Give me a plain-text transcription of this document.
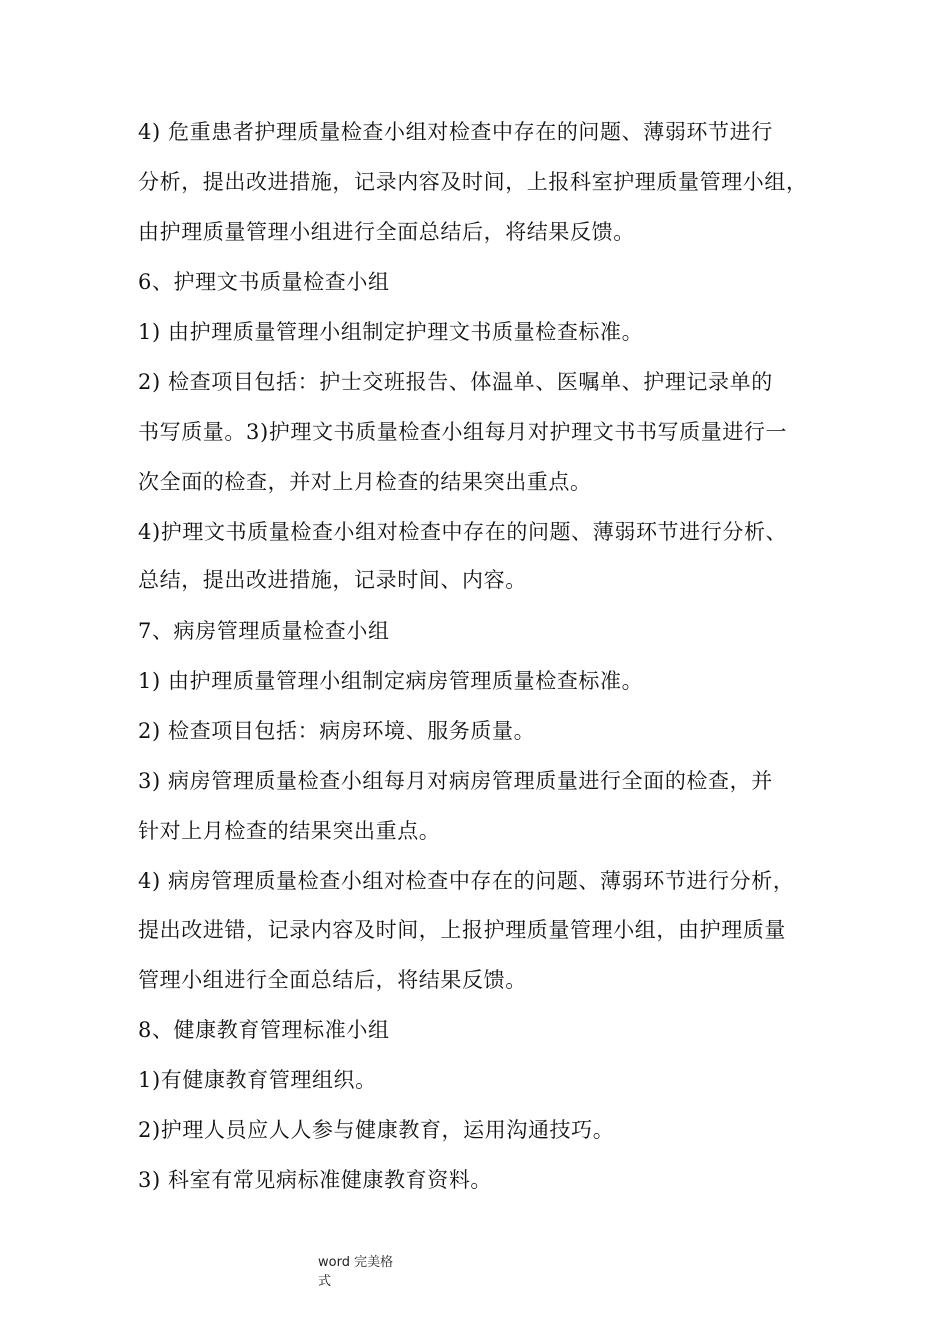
4) 危重患者护理质量检查小组对检查中存在的问题、薄弱环节进行
分析，提出改进措施，记录内容及时间，上报科室护理质量管理小组，
由护理质量管理小组进行全面总结后，将结果反馈。
6、护理文书质量检查小组
1) 由护理质量管理小组制定护理文书质量检查标准。
2) 检查项目包括：护士交班报告、体温单、医嘱单、护理记录单的
书写质量。3)护理文书质量检查小组每月对护理文书书写质量进行一
次全面的检查，并对上月检查的结果突出重点。
4)护理文书质量检查小组对检查中存在的问题、薄弱环节进行分析、
总结，提出改进措施，记录时间、内容。
7、病房管理质量检查小组
1) 由护理质量管理小组制定病房管理质量检查标准。
2) 检查项目包括：病房环境、服务质量。
3) 病房管理质量检查小组每月对病房管理质量进行全面的检查，并
针对上月检查的结果突出重点。
4) 病房管理质量检查小组对检查中存在的问题、薄弱环节进行分析，
提出改进错，记录内容及时间，上报护理质量管理小组，由护理质量
管理小组进行全面总结后，将结果反馈。
8、健康教育管理标准小组
1)有健康教育管理组织。
2)护理人员应人人参与健康教育，运用沟通技巧。
3) 科室有常见病标准健康教育资料。
word 完美格式
